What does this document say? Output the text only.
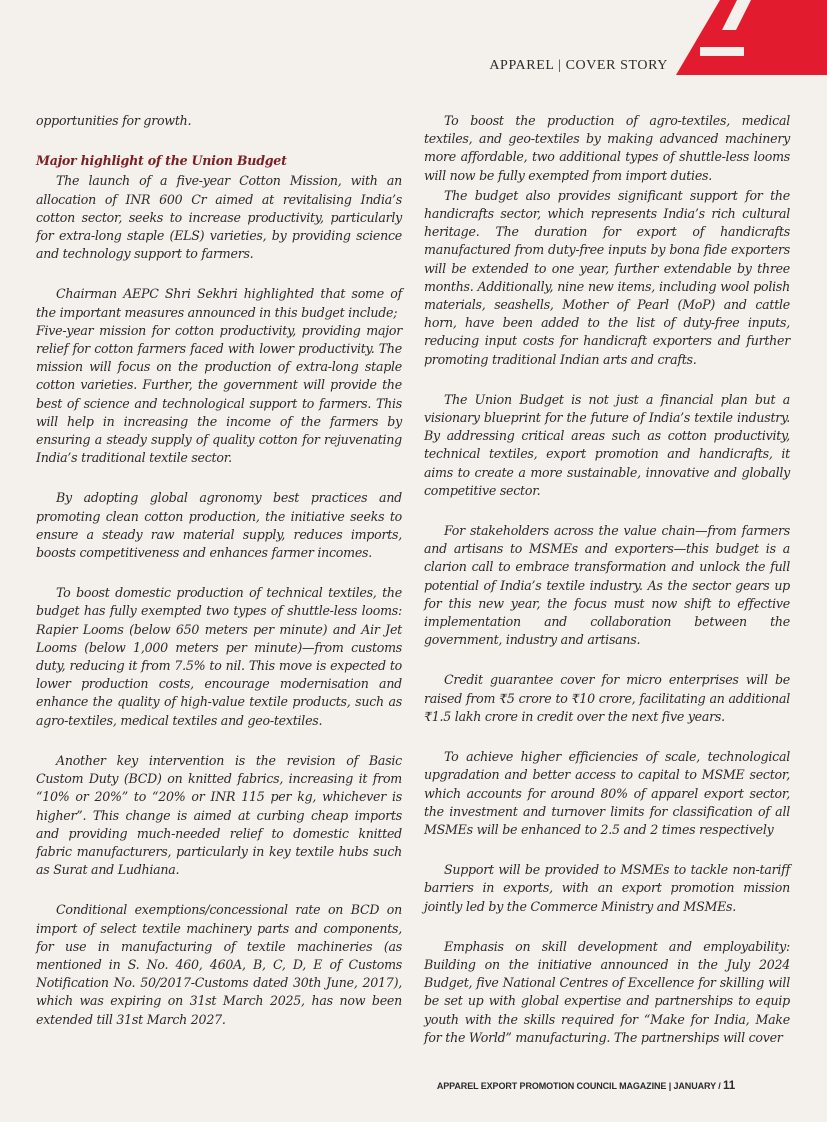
APPAREL | COVER STORY

opportunities for growth.

Major highlight of the Union Budget

The launch of a five-year Cotton Mission, with an allocation of INR 600 Cr aimed at revitalising India’s cotton sector, seeks to increase productivity, particularly for extra-long staple (ELS) varieties, by providing science and technology support to farmers.

Chairman AEPC Shri Sekhri highlighted that some of the important measures announced in this budget include;

Five-year mission for cotton productivity, providing major relief for cotton farmers faced with lower productivity. The mission will focus on the production of extra-long staple cotton varieties. Further, the government will provide the best of science and technological support to farmers. This will help in increasing the income of the farmers by ensuring a steady supply of quality cotton for rejuvenating India’s traditional textile sector.

By adopting global agronomy best practices and promoting clean cotton production, the initiative seeks to ensure a steady raw material supply, reduces imports, boosts competitiveness and enhances farmer incomes.

To boost domestic production of technical textiles, the budget has fully exempted two types of shuttle-less looms: Rapier Looms (below 650 meters per minute) and Air Jet Looms (below 1,000 meters per minute)—from customs duty, reducing it from 7.5% to nil. This move is expected to lower production costs, encourage modernisation and enhance the quality of high-value textile products, such as agro-textiles, medical textiles and geo-textiles.

Another key intervention is the revision of Basic Custom Duty (BCD) on knitted fabrics, increasing it from “10% or 20%” to “20% or INR 115 per kg, whichever is higher”. This change is aimed at curbing cheap imports and providing much-needed relief to domestic knitted fabric manufacturers, particularly in key textile hubs such as Surat and Ludhiana.

Conditional exemptions/concessional rate on BCD on import of select textile machinery parts and components, for use in manufacturing of textile machineries (as mentioned in S. No. 460, 460A, B, C, D, E of Customs Notification No. 50/2017-Customs dated 30th June, 2017), which was expiring on 31st March 2025, has now been extended till 31st March 2027.

To boost the production of agro-textiles, medical textiles, and geo-textiles by making advanced machinery more affordable, two additional types of shuttle-less looms will now be fully exempted from import duties.

The budget also provides significant support for the handicrafts sector, which represents India’s rich cultural heritage. The duration for export of handicrafts manufactured from duty-free inputs by bona fide exporters will be extended to one year, further extendable by three months. Additionally, nine new items, including wool polish materials, seashells, Mother of Pearl (MoP) and cattle horn, have been added to the list of duty-free inputs, reducing input costs for handicraft exporters and further promoting traditional Indian arts and crafts.

The Union Budget is not just a financial plan but a visionary blueprint for the future of India’s textile industry. By addressing critical areas such as cotton productivity, technical textiles, export promotion and handicrafts, it aims to create a more sustainable, innovative and globally competitive sector.

For stakeholders across the value chain—from farmers and artisans to MSMEs and exporters—this budget is a clarion call to embrace transformation and unlock the full potential of India’s textile industry. As the sector gears up for this new year, the focus must now shift to effective implementation and collaboration between the government, industry and artisans.

Credit guarantee cover for micro enterprises will be raised from ₹5 crore to ₹10 crore, facilitating an additional ₹1.5 lakh crore in credit over the next five years.

To achieve higher efficiencies of scale, technological upgradation and better access to capital to MSME sector, which accounts for around 80% of apparel export sector, the investment and turnover limits for classification of all MSMEs will be enhanced to 2.5 and 2 times respectively

Support will be provided to MSMEs to tackle non-tariff barriers in exports, with an export promotion mission jointly led by the Commerce Ministry and MSMEs.

Emphasis on skill development and employability: Building on the initiative announced in the July 2024 Budget, five National Centres of Excellence for skilling will be set up with global expertise and partnerships to equip youth with the skills required for “Make for India, Make for the World” manufacturing. The partnerships will cover

APPAREL EXPORT PROMOTION COUNCIL MAGAZINE | JANUARY / 11
